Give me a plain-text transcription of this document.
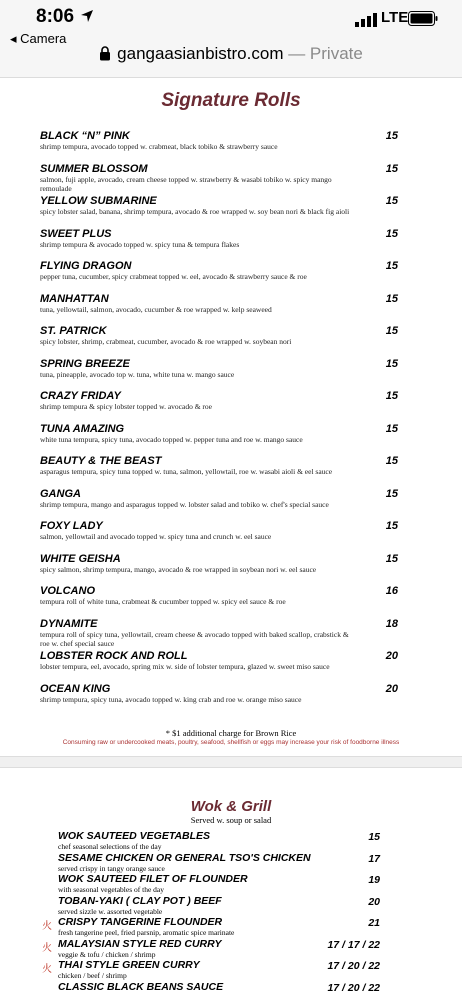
8:06
◂ Camera
LTE
gangaasianbistro.com — Private
Signature Rolls
BLACK “N” PINK
shrimp tempura, avocado topped w. crabmeat, black tobiko & strawberry sauce
15
SUMMER BLOSSOM
salmon, fuji apple, avocado, cream cheese topped w. strawberry & wasabi tobiko w. spicy mango remoulade
15
YELLOW SUBMARINE
spicy lobster salad, banana, shrimp tempura, avocado & roe wrapped w. soy bean nori & black fig aioli
15
SWEET PLUS
shrimp tempura & avocado topped w. spicy tuna & tempura flakes
15
FLYING DRAGON
pepper tuna, cucumber, spicy crabmeat topped w. eel, avocado & strawberry sauce & roe
15
MANHATTAN
tuna, yellowtail, salmon, avocado, cucumber & roe wrapped w. kelp seaweed
15
ST. PATRICK
spicy lobster, shrimp, crabmeat, cucumber, avocado & roe wrapped w. soybean nori
15
SPRING BREEZE
tuna, pineapple, avocado top w. tuna, white tuna w. mango sauce
15
CRAZY FRIDAY
shrimp tempura & spicy lobster topped w. avocado & roe
15
TUNA AMAZING
white tuna tempura, spicy tuna, avocado topped w. pepper tuna and roe w. mango sauce
15
BEAUTY & THE BEAST
asparagus tempura, spicy tuna topped w. tuna, salmon, yellowtail, roe w. wasabi aioli & eel sauce
15
GANGA
shrimp tempura, mango and asparagus topped w. lobster salad and tobiko w. chef's special sauce
15
FOXY LADY
salmon, yellowtail and avocado topped w. spicy tuna and crunch w. eel sauce
15
WHITE GEISHA
spicy salmon, shrimp tempura, mango, avocado & roe wrapped in soybean nori w. eel sauce
15
VOLCANO
tempura roll of white tuna, crabmeat & cucumber topped w. spicy eel sauce & roe
16
DYNAMITE
tempura roll of spicy tuna, yellowtail, cream cheese & avocado topped with baked scallop, crabstick & roe w. chef special sauce
18
LOBSTER ROCK AND ROLL
lobster tempura, eel, avocado, spring mix w. side of lobster tempura, glazed w. sweet miso sauce
20
OCEAN KING
shrimp tempura, spicy tuna, avocado topped w. king crab and roe w. orange miso sauce
20
* $1 additional charge for Brown Rice
Consuming raw or undercooked meats, poultry, seafood, shellfish or eggs may increase your risk of foodborne illness
Wok & Grill
Served w. soup or salad
WOK SAUTEED VEGETABLES
chef seasonal selections of the day
15
SESAME CHICKEN OR GENERAL TSO'S CHICKEN
served crispy in tangy orange sauce
17
WOK SAUTEED FILET OF FLOUNDER
with seasonal vegetables of the day
19
TOBAN-YAKI ( CLAY POT ) BEEF
served sizzle w. assorted vegetable
20
火 CRISPY TANGERINE FLOUNDER
fresh tangerine peel, fried parsnip, aromatic spice marinate
21
火 MALAYSIAN STYLE RED CURRY
veggie & tofu / chicken / shrimp
17 / 17 / 22
火 THAI STYLE GREEN CURRY
chicken / beef / shrimp
17 / 20 / 22
CLASSIC BLACK BEANS SAUCE	17 / 20 / 22
